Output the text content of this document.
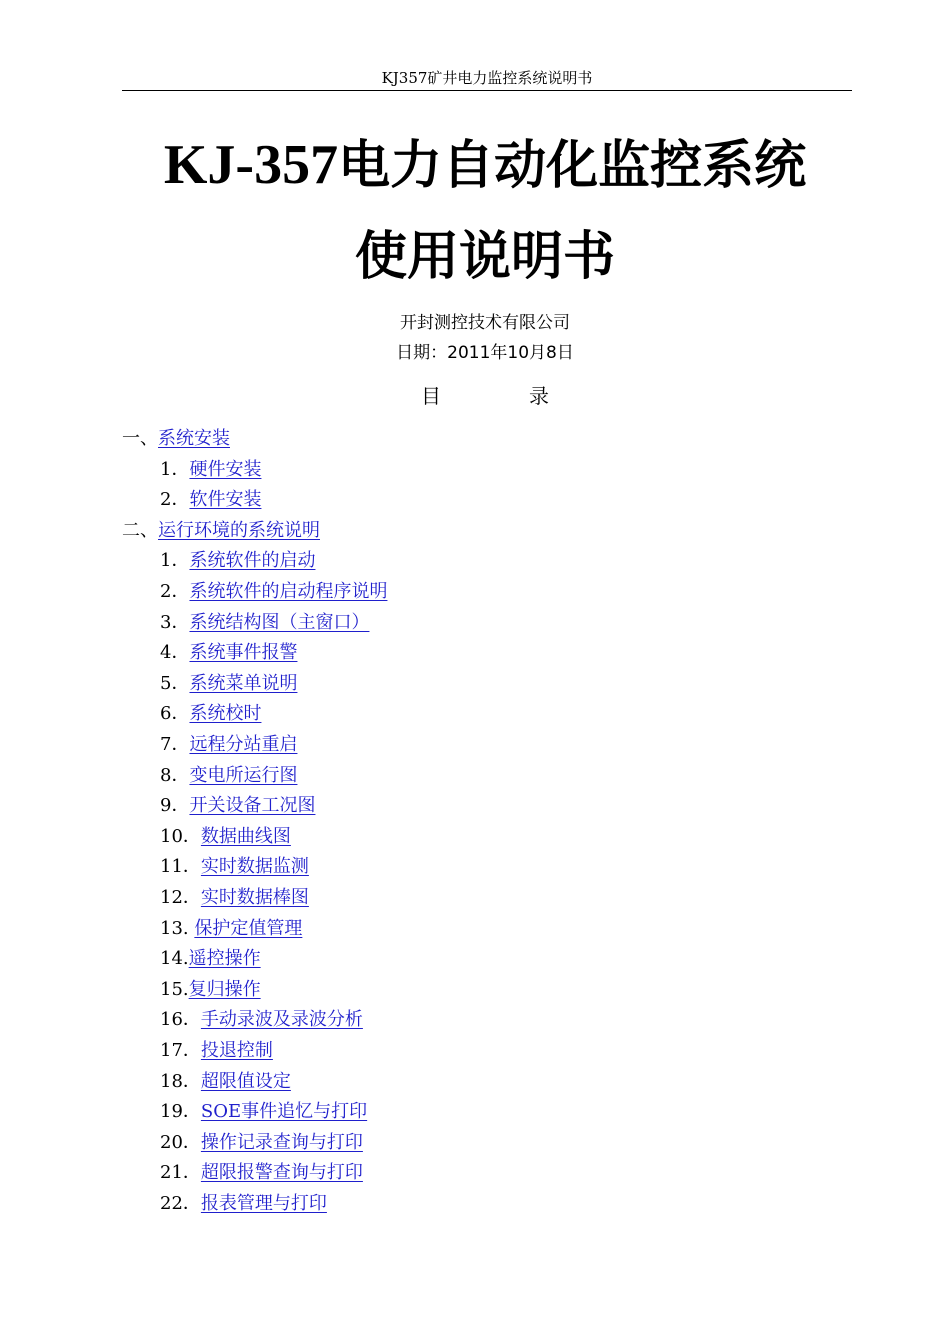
KJ357矿井电力监控系统说明书
KJ-357电力自动化监控系统
使用说明书
开封测控技术有限公司
日期：2011年10月8日
目	录
一、系统安装
1．硬件安装
2．软件安装
二、运行环境的系统说明
1．系统软件的启动
2．系统软件的启动程序说明
3．系统结构图（主窗口）
4．系统事件报警
5．系统菜单说明
6．系统校时
7．远程分站重启
8．变电所运行图
9．开关设备工况图
10．数据曲线图
11．实时数据监测
12．实时数据棒图
13. 保护定值管理
14.遥控操作
15.复归操作
16．手动录波及录波分析
17．投退控制
18．超限值设定
19．SOE事件追忆与打印
20．操作记录查询与打印
21．超限报警查询与打印
22．报表管理与打印
